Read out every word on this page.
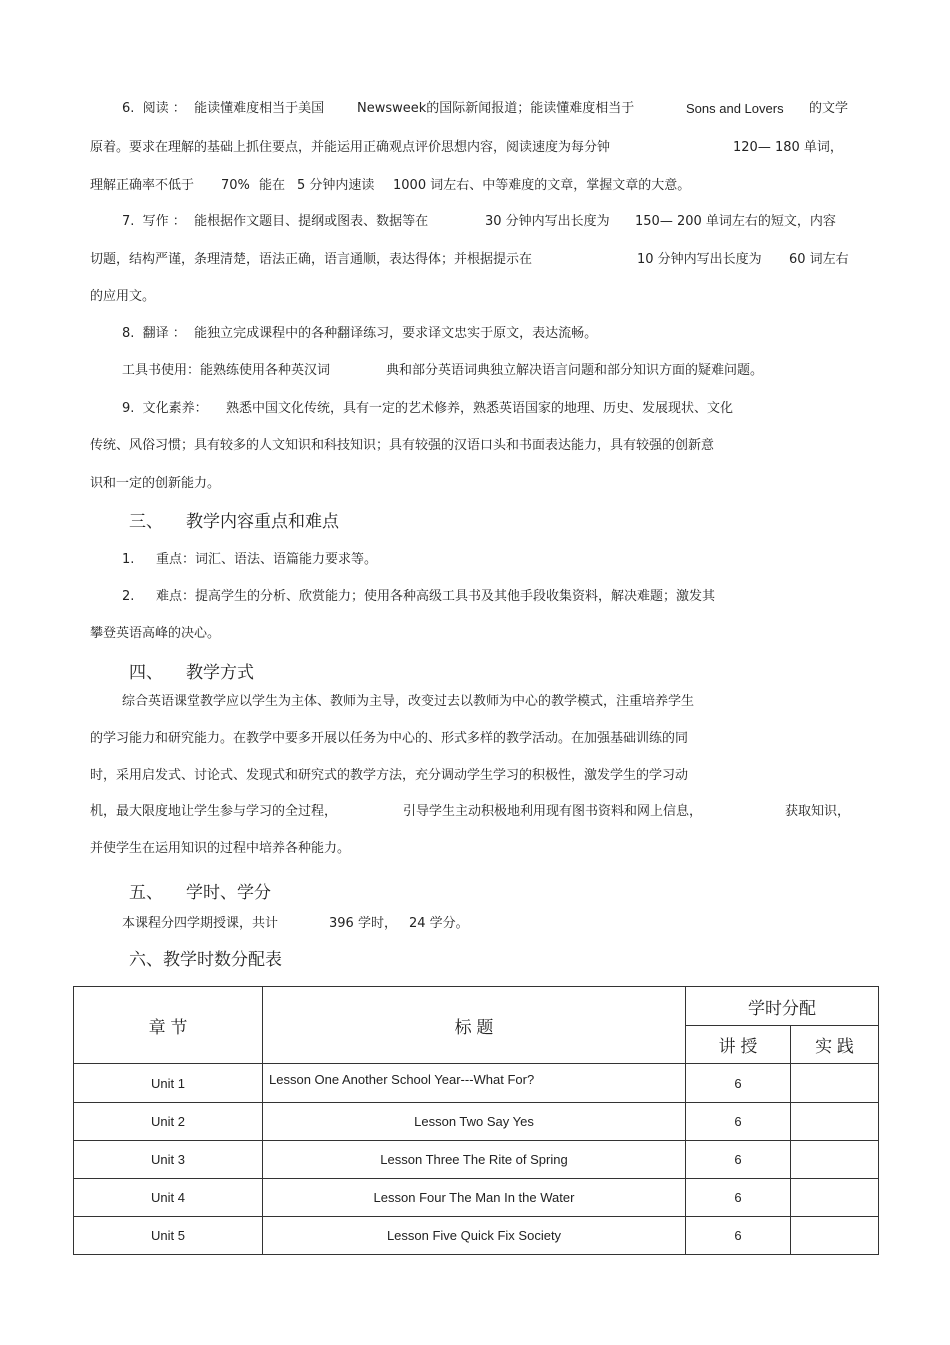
6.  阅读 ：  能读懂难度相当于美国	Newsweek的国际新闻报道；能读懂难度相当于	Sons and Lovers 的文学
原着。要求在理解的基础上抓住要点，并能运用正确观点评价思想内容，阅读速度为每分钟	120— 180 单词，
理解正确率不低于 70% 能在 5 分钟内速读 1000 词左右、中等难度的文章，掌握文章的大意。
7.  写作 ：  能根据作文题目、提纲或图表、数据等在	30 分钟内写出长度为 150— 200 单词左右的短文，内容
切题，结构严谨，条理清楚，语法正确，语言通顺，表达得体；并根据提示在	10 分钟内写出长度为 60 词左右
的应用文。
8.  翻译 ：  能独立完成课程中的各种翻译练习，要求译文忠实于原文，表达流畅。
工具书使用：能熟练使用各种英汉词	典和部分英语词典独立解决语言问题和部分知识方面的疑难问题。
9.  文化素养： 熟悉中国文化传统，具有一定的艺术修养，熟悉英语国家的地理、历史、发展现状、文化
传统、风俗习惯；具有较多的人文知识和科技知识；具有较强的汉语口头和书面表达能力，具有较强的创新意
识和一定的创新能力。
三、 教学内容重点和难点
1. 重点：词汇、语法、语篇能力要求等。
2. 难点：提高学生的分析、欣赏能力；使用各种高级工具书及其他手段收集资料，解决难题；激发其
攀登英语高峰的决心。
四、 教学方式
综合英语课堂教学应以学生为主体、教师为主导，改变过去以教师为中心的教学模式，注重培养学生
的学习能力和研究能力。在教学中要多开展以任务为中心的、形式多样的教学活动。在加强基础训练的同
时，采用启发式、讨论式、发现式和研究式的教学方法，充分调动学生学习的积极性，激发学生的学习动
机，最大限度地让学生参与学习的全过程，	引导学生主动积极地利用现有图书资料和网上信息，	获取知识，
并使学生在运用知识的过程中培养各种能力。
五、 学时、学分
本课程分四学期授课，共计	396 学时， 24 学分。
六、教学时数分配表
章 节	标 题	学时分配	
		讲 授	实 践
Unit 1	Lesson One Another School Year---What For?	6	
Unit 2	Lesson Two Say Yes	6	
Unit 3	Lesson Three The Rite of Spring	6	
Unit 4	Lesson Four The Man In the Water	6	
Unit 5	Lesson Five Quick Fix Society	6	
